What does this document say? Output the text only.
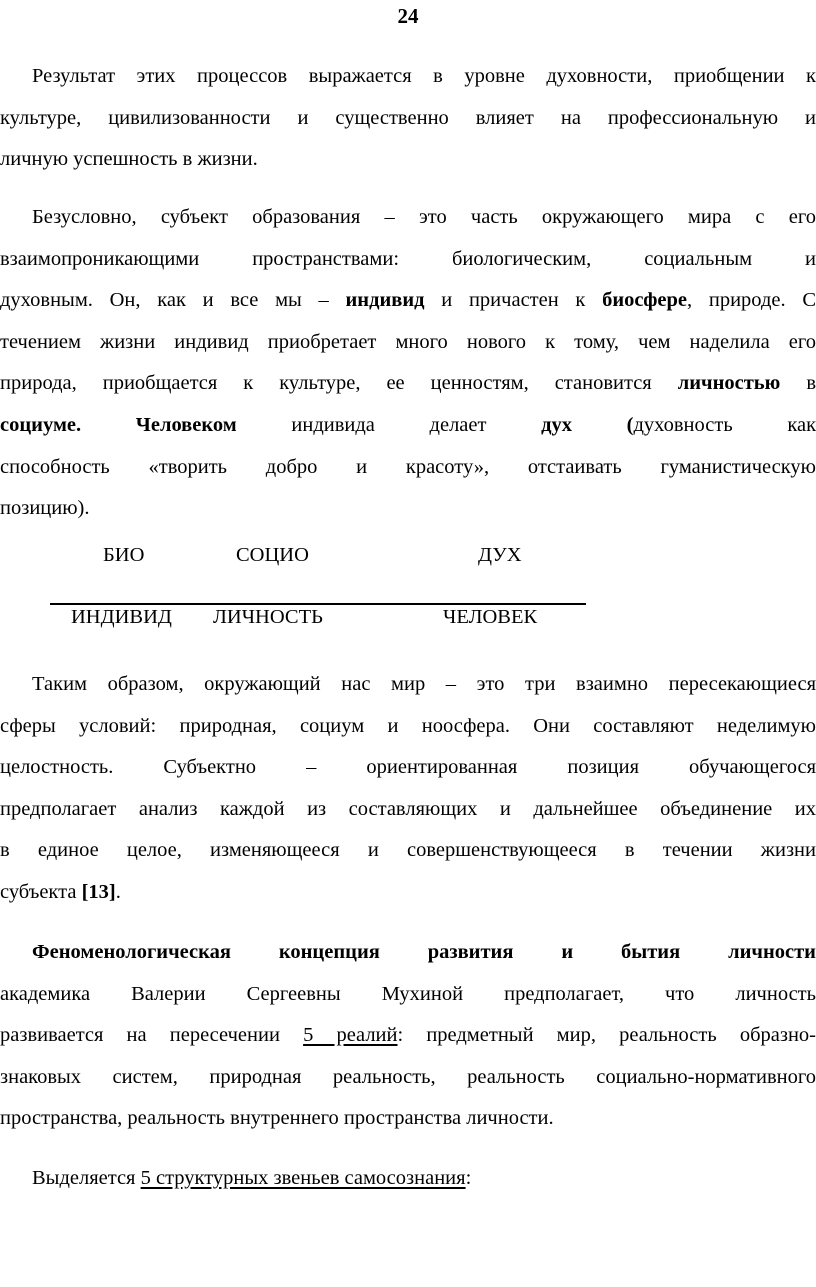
24
Результат этих процессов выражается в уровне духовности, приобщении к
культуре, цивилизованности и существенно влияет на профессиональную и
личную успешность в жизни.
Безусловно, субъект образования – это часть окружающего мира с его
взаимопроникающими пространствами: биологическим, социальным и
духовным. Он, как и все мы – индивид и причастен к биосфере, природе. С
течением жизни индивид приобретает много нового к тому, чем наделила его
природа, приобщается к культуре, ее ценностям, становится личностью в
социуме.	Человеком	индивида делает	дух (духовность	как
способность «творить добро и красоту», отстаивать гуманистическую
позицию).
БИО	СОЦИО	ДУХ
ИНДИВИД ЛИЧНОСТЬ	ЧЕЛОВЕК
Таким образом, окружающий нас мир – это три взаимно пересекающиеся
сферы условий: природная, социум и ноосфера. Они составляют неделимую
целостность. Субъектно – ориентированная позиция обучающегося
предполагает анализ каждой из составляющих и дальнейшее объединение их
в единое целое, изменяющееся и совершенствующееся в течении жизни
субъекта [13].
Феноменологическая концепция развития и бытия личности
академика Валерии Сергеевны Мухиной предполагает, что личность
развивается на пересечении 5 реалий: предметный мир, реальность образно-
знаковых систем, природная реальность, реальность социально-нормативного
пространства, реальность внутреннего пространства личности.
Выделяется 5 структурных звеньев самосознания:
